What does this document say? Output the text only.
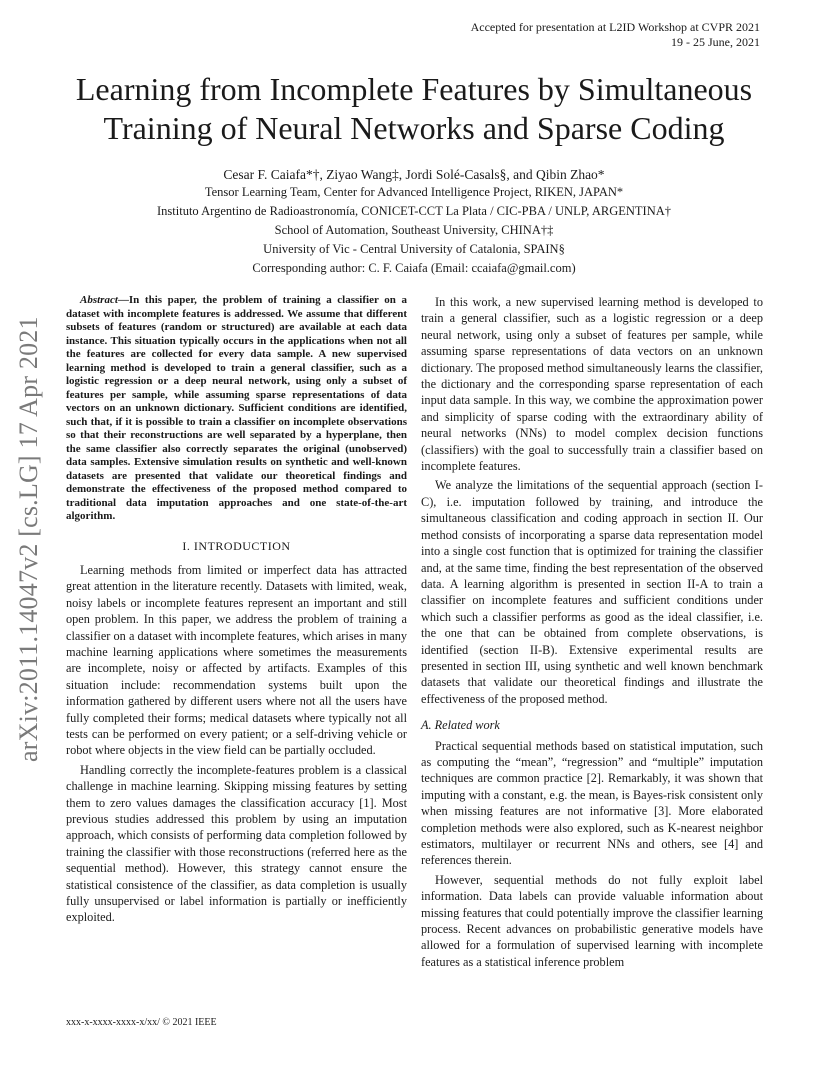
Accepted for presentation at L2ID Workshop at CVPR 2021
19 - 25 June, 2021
Learning from Incomplete Features by Simultaneous
Training of Neural Networks and Sparse Coding
Cesar F. Caiafa*†, Ziyao Wang‡, Jordi Solé-Casals§, and Qibin Zhao*
Tensor Learning Team, Center for Advanced Intelligence Project, RIKEN, JAPAN*
Instituto Argentino de Radioastronomía, CONICET-CCT La Plata / CIC-PBA / UNLP, ARGENTINA†
School of Automation, Southeast University, CHINA†‡
University of Vic - Central University of Catalonia, SPAIN§
Corresponding author: C. F. Caiafa (Email: ccaiafa@gmail.com)
arXiv:2011.14047v2 [cs.LG] 17 Apr 2021

Abstract—In this paper, the problem of training a classifier on a dataset with incomplete features is addressed. We assume that different subsets of features (random or structured) are available at each data instance. This situation typically occurs in the applications when not all the features are collected for every data sample. A new supervised learning method is developed to train a general classifier, such as a logistic regression or a deep neural network, using only a subset of features per sample, while assuming sparse representations of data vectors on an unknown dictionary. Sufficient conditions are identified, such that, if it is possible to train a classifier on incomplete observations so that their reconstructions are well separated by a hyperplane, then the same classifier also correctly separates the original (unobserved) data samples. Extensive simulation results on synthetic and well-known datasets are presented that validate our theoretical findings and demonstrate the effectiveness of the proposed method compared to traditional data imputation approaches and one state-of-the-art algorithm.

I. INTRODUCTION

Learning methods from limited or imperfect data has attracted great attention in the literature recently. Datasets with limited, weak, noisy labels or incomplete features represent an important and still open problem. In this paper, we address the problem of training a classifier on a dataset with incomplete features, which arises in many machine learning applications where sometimes the measurements are incomplete, noisy or affected by artifacts. Examples of this situation include: recommendation systems built upon the information gathered by different users where not all the users have fully completed their forms; medical datasets where typically not all tests can be performed on every patient; or a self-driving vehicle or robot where objects in the view field can be partially occluded.

Handling correctly the incomplete-features problem is a classical challenge in machine learning. Skipping missing features by setting them to zero values damages the classification accuracy [1]. Most previous studies addressed this problem by using an imputation approach, which consists of performing data completion followed by training the classifier with those reconstructions (referred here as the sequential method). However, this strategy cannot ensure the statistical consistence of the classifier, as data completion is usually fully unsupervised or label information is partially or inefficiently exploited.

In this work, a new supervised learning method is developed to train a general classifier, such as a logistic regression or a deep neural network, using only a subset of features per sample, while assuming sparse representations of data vectors on an unknown dictionary. The proposed method simultaneously learns the classifier, the dictionary and the corresponding sparse representation of each input data sample. In this way, we combine the approximation power and simplicity of sparse coding with the extraordinary ability of neural networks (NNs) to model complex decision functions (classifiers) with the goal to successfully train a classifier based on incomplete features.

We analyze the limitations of the sequential approach (section I-C), i.e. imputation followed by training, and introduce the simultaneous classification and coding approach in section II. Our method consists of incorporating a sparse data representation model into a single cost function that is optimized for training the classifier and, at the same time, finding the best representation of the observed data. A learning algorithm is presented in section II-A to train a classifier on incomplete features and sufficient conditions under which such a classifier performs as good as the ideal classifier, i.e. the one that can be obtained from complete observations, is identified (section II-B). Extensive experimental results are presented in section III, using synthetic and well known benchmark datasets that validate our theoretical findings and illustrate the effectiveness of the proposed method.

A. Related work

Practical sequential methods based on statistical imputation, such as computing the “mean”, “regression” and “multiple” imputation techniques are common practice [2]. Remarkably, it was shown that imputing with a constant, e.g. the mean, is Bayes-risk consistent only when missing features are not informative [3]. More elaborated completion methods were also explored, such as K-nearest neighbor estimators, multilayer or recurrent NNs and others, see [4] and references therein.

However, sequential methods do not fully exploit label information. Data labels can provide valuable information about missing features that could potentially improve the classifier learning process. Recent advances on probabilistic generative models have allowed for a formulation of supervised learning with incomplete features as a statistical inference problem

xxx-x-xxxx-xxxx-x/xx/ © 2021 IEEE
